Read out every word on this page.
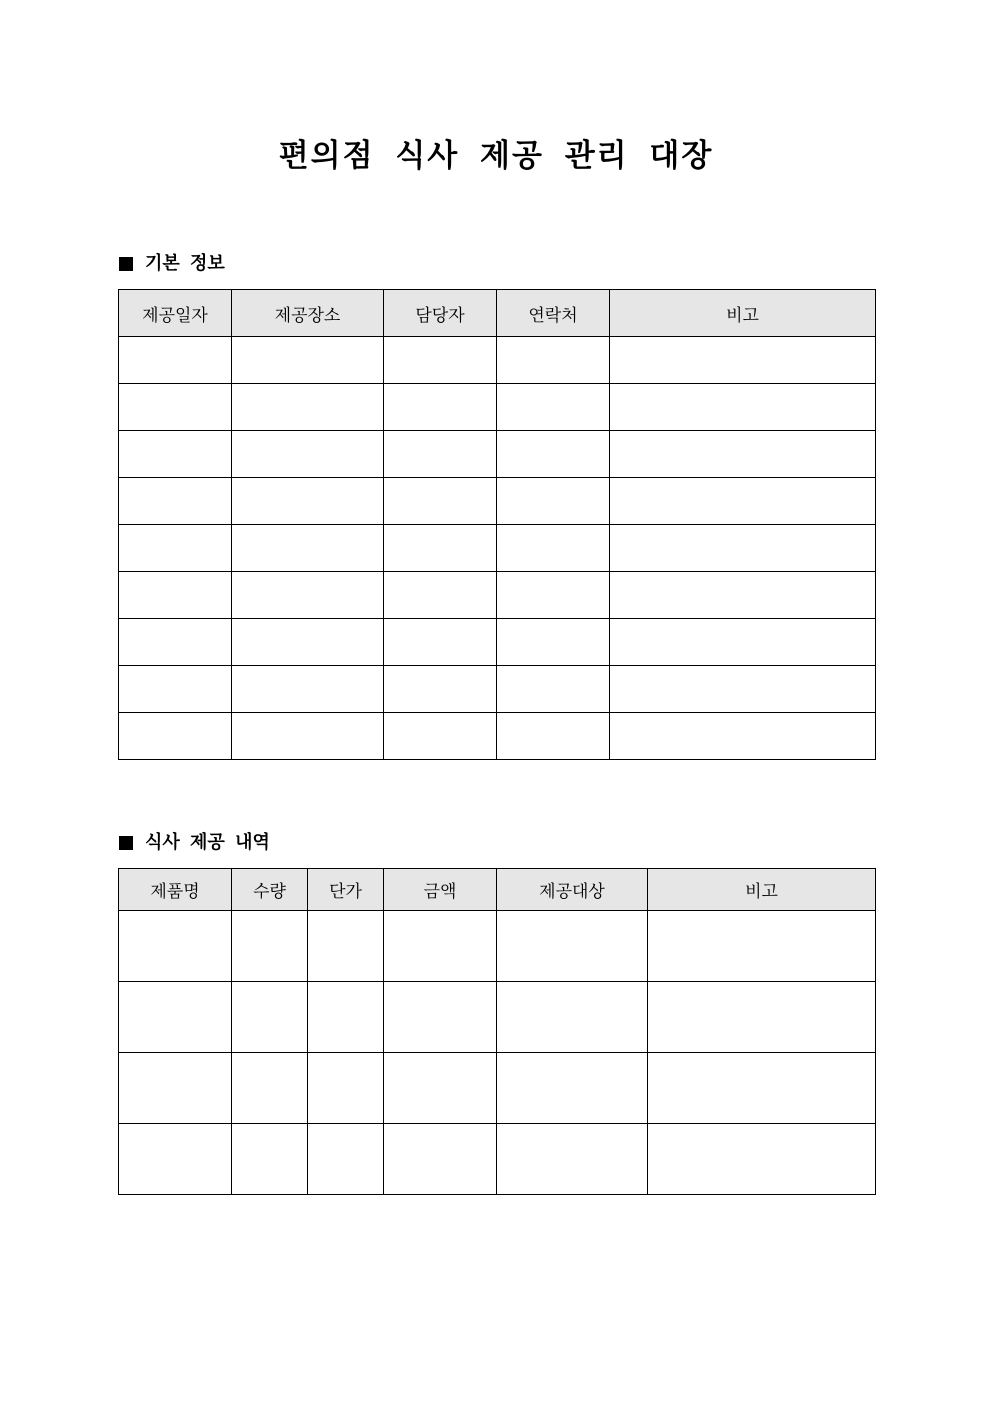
편의점 식사 제공 관리 대장
기본 정보
제공일자	제공장소	담당자	연락처	비고

식사 제공 내역
제품명	수량	단가	금액	제공대상	비고
